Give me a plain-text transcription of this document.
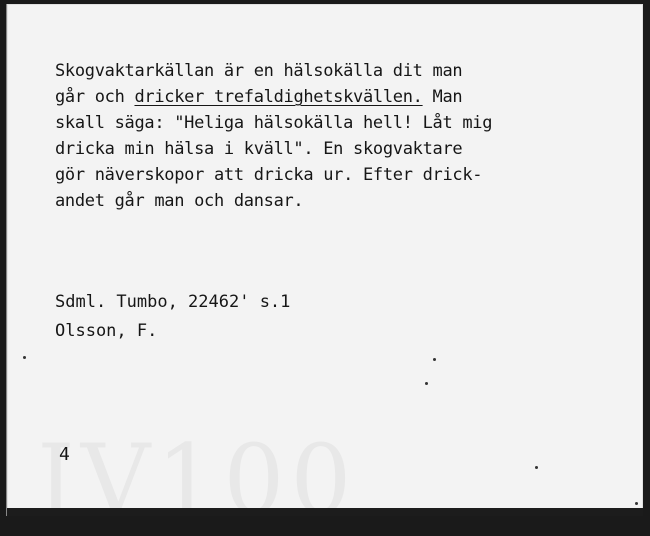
Skogvaktarkällan är en hälsokälla dit man
går och dricker trefaldighetskvällen. Man
skall säga: "Heliga hälsokälla hell! Låt mig
dricka min hälsa i kväll". En skogvaktare
gör näverskopor att dricka ur. Efter drick-
andet går man och dansar.
Sdml. Tumbo, 22462' s.1
Olsson, F.
4
